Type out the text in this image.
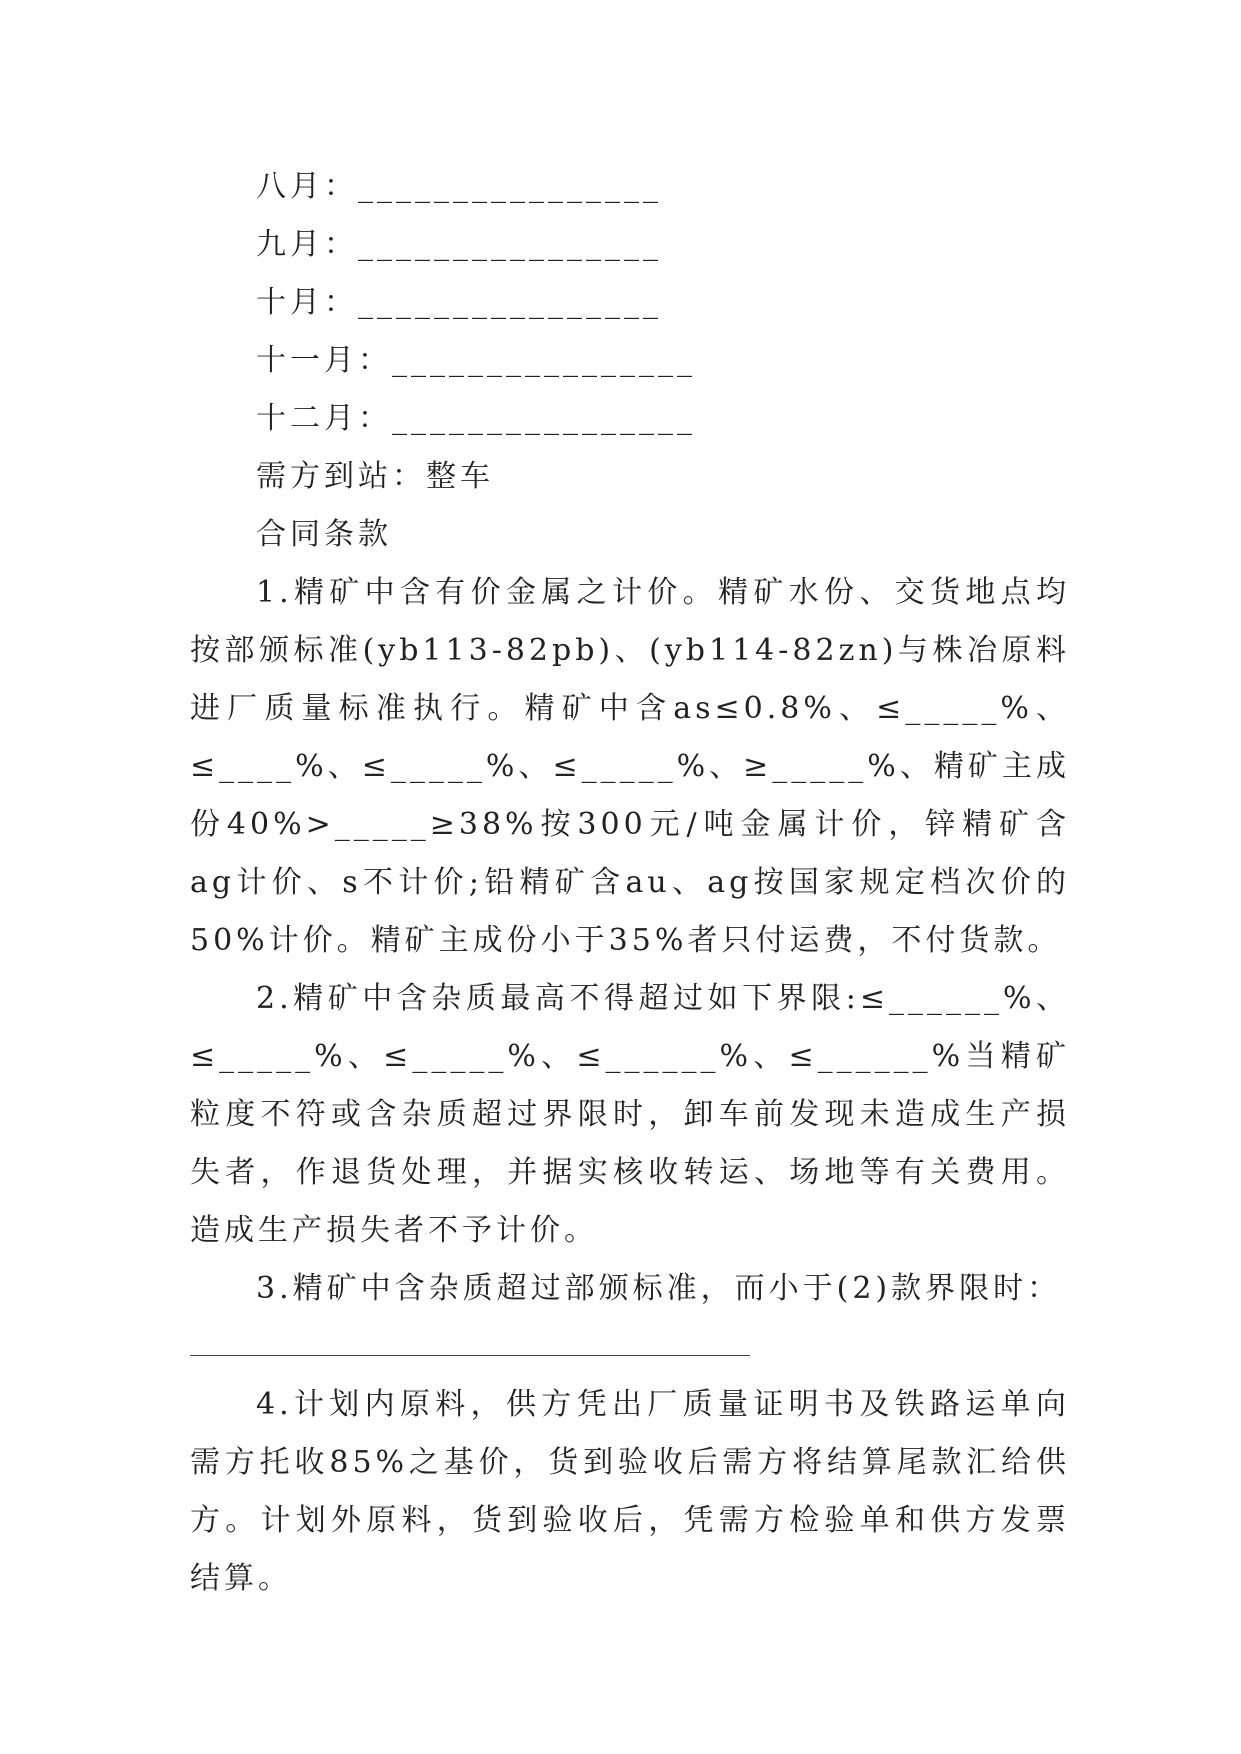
八月：________________
九月：________________
十月：________________
十一月：________________
十二月：________________
需方到站：整车
合同条款

1.精矿中含有价金属之计价。精矿水份、交货地点均按部颁标准(yb113-82pb)、(yb114-82zn)与株冶原料进厂质量标准执行。精矿中含as≤0.8%、≤_____%、≤____%、≤_____%、≤_____%、≥_____%、精矿主成份40%>_____≥38%按300元/吨金属计价，锌精矿含ag计价、s不计价;铅精矿含au、ag按国家规定档次价的50%计价。精矿主成份小于35%者只付运费，不付货款。

2.精矿中含杂质最高不得超过如下界限:≤______%、≤_____%、≤_____%、≤______%、≤______%当精矿粒度不符或含杂质超过界限时，卸车前发现未造成生产损失者，作退货处理，并据实核收转运、场地等有关费用。造成生产损失者不予计价。

3.精矿中含杂质超过部颁标准，而小于(2)款界限时：

4.计划内原料，供方凭出厂质量证明书及铁路运单向需方托收85%之基价，货到验收后需方将结算尾款汇给供方。计划外原料，货到验收后，凭需方检验单和供方发票结算。
